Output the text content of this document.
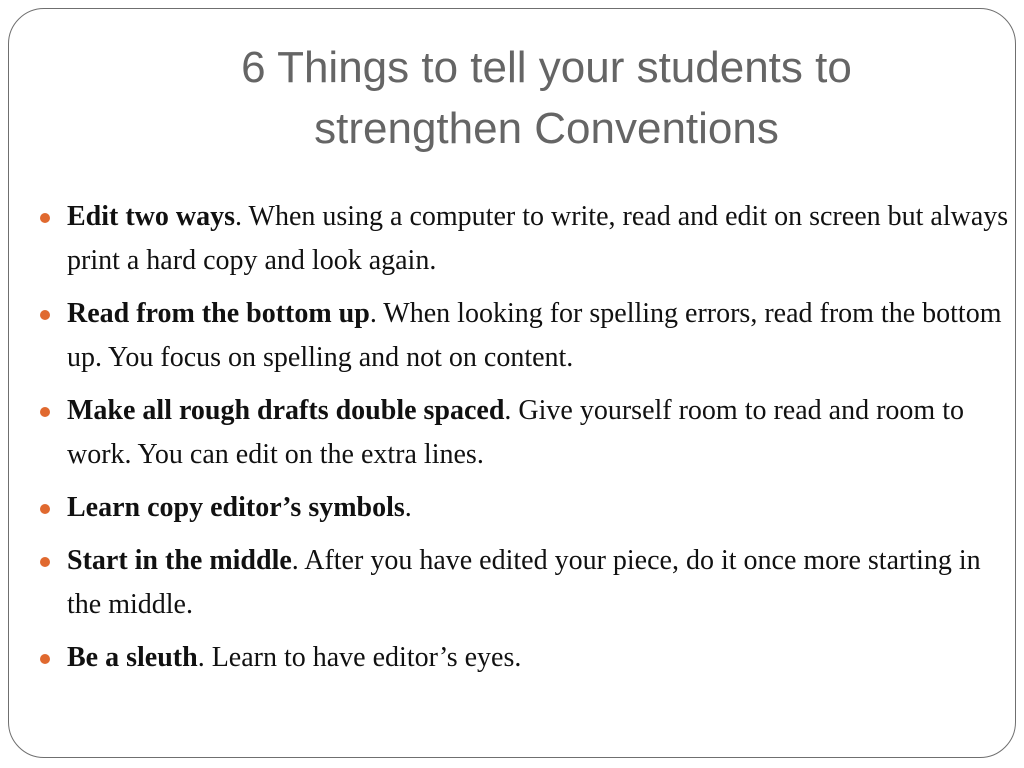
6 Things to tell your students to
strengthen Conventions
Edit two ways. When using a computer to write, read and edit on screen but always print a hard copy and look again.
Read from the bottom up. When looking for spelling errors, read from the bottom up. You focus on spelling and not on content.
Make all rough drafts double spaced. Give yourself room to read and room to work. You can edit on the extra lines.
Learn copy editor’s symbols.
Start in the middle. After you have edited your piece, do it once more starting in the middle.
Be a sleuth. Learn to have editor’s eyes.
